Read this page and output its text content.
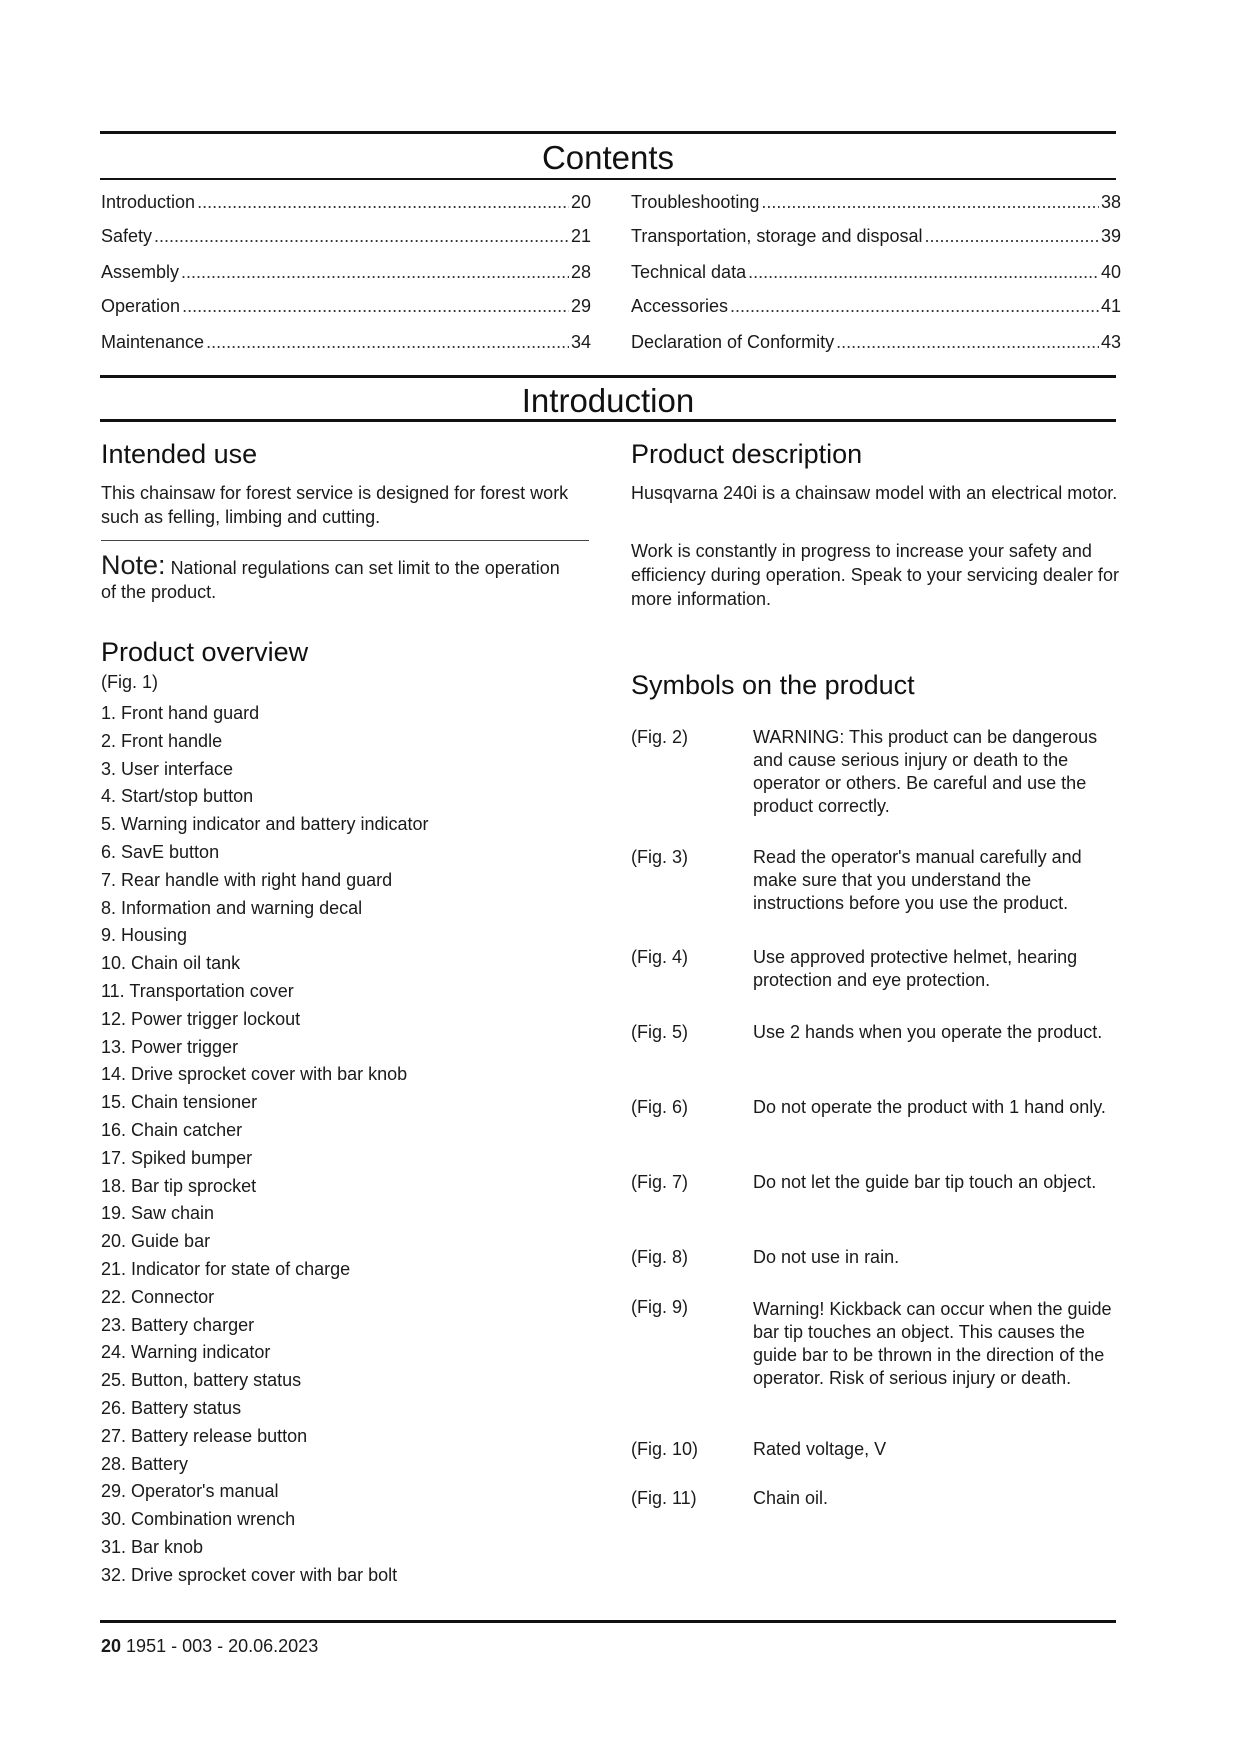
Contents
Introduction .....	20
Safety .....	21
Assembly .....	28
Operation .....	29
Maintenance .....	34
Troubleshooting .....	38
Transportation, storage and disposal .....	39
Technical data .....	40
Accessories .....	41
Declaration of Conformity .....	43
Introduction
Intended use
This chainsaw for forest service is designed for forest work such as felling, limbing and cutting.
Note: National regulations can set limit to the operation of the product.
Product overview
(Fig. 1)
1. Front hand guard
2. Front handle
3. User interface
4. Start/stop button
5. Warning indicator and battery indicator
6. SavE button
7. Rear handle with right hand guard
8. Information and warning decal
9. Housing
10. Chain oil tank
11. Transportation cover
12. Power trigger lockout
13. Power trigger
14. Drive sprocket cover with bar knob
15. Chain tensioner
16. Chain catcher
17. Spiked bumper
18. Bar tip sprocket
19. Saw chain
20. Guide bar
21. Indicator for state of charge
22. Connector
23. Battery charger
24. Warning indicator
25. Button, battery status
26. Battery status
27. Battery release button
28. Battery
29. Operator's manual
30. Combination wrench
31. Bar knob
32. Drive sprocket cover with bar bolt
Product description
Husqvarna 240i is a chainsaw model with an electrical motor.
Work is constantly in progress to increase your safety and efficiency during operation. Speak to your servicing dealer for more information.
Symbols on the product
(Fig. 2)	WARNING: This product can be dangerous and cause serious injury or death to the operator or others. Be careful and use the product correctly.
(Fig. 3)	Read the operator's manual carefully and make sure that you understand the instructions before you use the product.
(Fig. 4)	Use approved protective helmet, hearing protection and eye protection.
(Fig. 5)	Use 2 hands when you operate the product.
(Fig. 6)	Do not operate the product with 1 hand only.
(Fig. 7)	Do not let the guide bar tip touch an object.
(Fig. 8)	Do not use in rain.
(Fig. 9)	Warning! Kickback can occur when the guide bar tip touches an object. This causes the guide bar to be thrown in the direction of the operator. Risk of serious injury or death.
(Fig. 10)	Rated voltage, V
(Fig. 11)	Chain oil.
20 1951 - 003 - 20.06.2023
